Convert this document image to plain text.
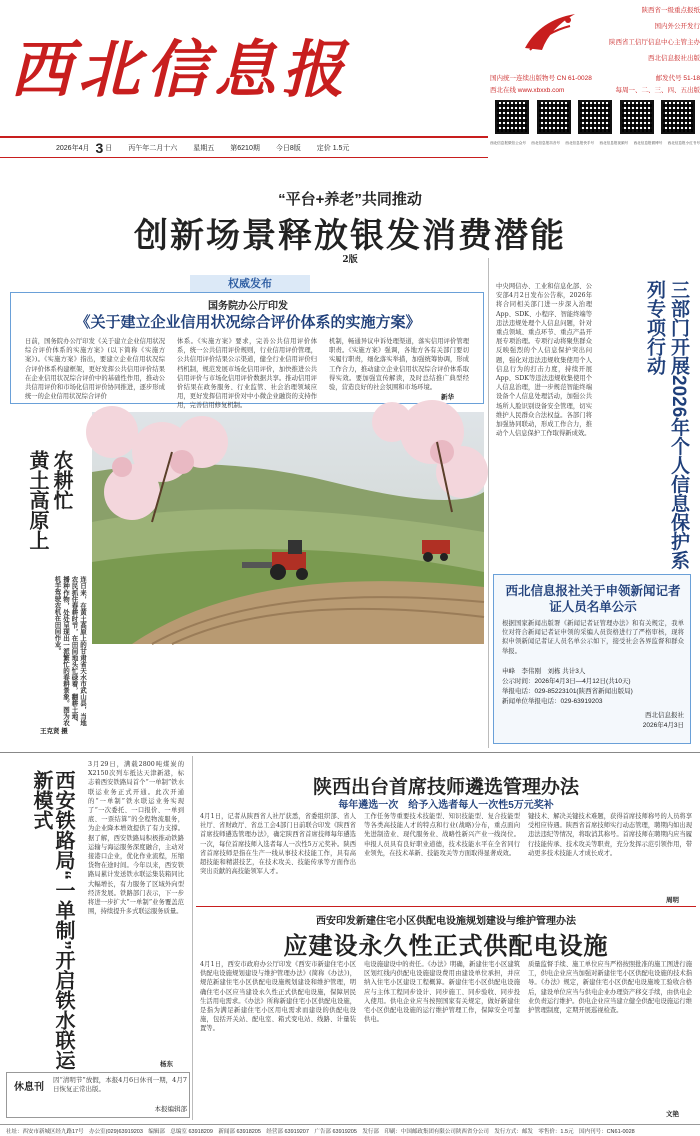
西北信息报
陕西省一级重点报纸
国内外公开发行
陕西省工信厅信息中心主管主办
西北信息报社出版
国内统一连续出版物号 CN 61-0028	邮发代号 51-18
西北在线 www.xbxxb.com	每周一、二、三、四、五出版
西北信息报微信公众号 西北信息报抖音号 西北信息报快手号 西北信息报视频号 西北信息报微博号 西北信息报小红书号
2026年4月 3 日 丙午年二月十六 星期五 第6210期 今日8版 定价 1.5元
“平台+养老”共同推动
创新场景释放银发消费潜能
2版
权威发布
国务院办公厅印发
《关于建立企业信用状况综合评价体系的实施方案》
日前，国务院办公厅印发《关于建立企业信用状况综合评价体系的实施方案》(以下简称《实施方案》)。《实施方案》指出，要建立企业信用状况综合评价体系构建框架，更好发挥公共信用评价结果在企业信用状况综合评价中的基础性作用，推动公共信用评价和市场化信用评价协同推进，逐步形成统一的企业信用状况综合评价
体系。《实施方案》要求，完善公共信用评价体系，统一公共信用评价规则，行业信用评价管理，公共信用评价结果公示渠道，健全行业信用评价归档机制，规范发展市场化信用评价，加快推进公共信用评价与市场化信用评价数据共享。推动信用评价结果在政务服务、行业监管、社会治理领域应用，更好发挥信用评价对中小微企业融资的支持作用，完善信用修复机制。
机制，畅通异议申诉处理渠道，落实信用评价管理职责。《实施方案》强调，各地方各有关部门要切实履行职责，细化落实举措，加强统筹协调，形成工作合力，推动建立企业信用状况综合评价体系取得实效。要加强宣传解读，及时总结推广典型经验，营造良好的社会氛围和市场环境。
新华
农耕忙
黄土高原上
连日来，在黄土高原上的甘肃省天水市武山县，当地农民抓住春耕时节，在田间地头忙碌着，翻耕土地、播种作物，处处呈现出一派繁忙的春耕景象。图为农机手驾驶农机在田间作业。
王克贤 摄
三部门开展2026年个人信息保护系列专项行动
中央网信办、工业和信息化部、公安部4月2日发布公告称，2026年将合同相关部门进一步深入治理App、SDK、小程序、智能终端等违法违规处理个人信息问题，针对重点领域、重点环节、重点产品开展专项治理。专项行动将聚焦群众反映强烈的个人信息保护突出问题，强化对违法违规收集使用个人信息行为的打击力度，持续开展App、SDK等违法违规收集使用个人信息治理，进一步规范智能终端设备个人信息处理活动，加强公共场所人脸识别设备安全管理，切实维护人民群众合法权益。各部门将加强协同联动，形成工作合力，推动个人信息保护工作取得新成效。
西北信息报社关于申领新闻记者证人员名单公示
根据国家新闻出版署《新闻记者证管理办法》和有关规定，我单位对符合新闻记者证申领的采编人员资格进行了严格审核，现将拟申领新闻记者证人员名单公示如下，接受社会各界监督和群众举报。
申峰　李伟刚　刘栋 共计3人
公示时间：2026年4月3日—4月12日(共10天)
举报电话：029-85223101(陕西省新闻出版局)
新闻单位举报电话：029-63919203
西北信息报社
2026年4月3日
西安铁路局“一单制”开启铁水联运新模式
3月29日，满载2800吨煤炭的X2150次列车抵达天津新港，标志着西安铁路局首个“一单制”铁水联运业务正式开通。此次开通的“一单制”铁水联运业务实现了“一次委托、一口报价、一单到底、一票结算”的全程物流服务，为企业降本增效提供了有力支撑。据了解，西安铁路局积极推动铁路运输与海运服务深度融合，主动对接港口企业，优化作业流程，压缩货物在途时间。今年以来，西安铁路局累计发送铁水联运集装箱同比大幅增长，有力服务了区域外向型经济发展。铁路部门表示，下一步将进一步扩大“一单制”业务覆盖范围，持续提升多式联运服务质量。
杨东
休息刊
因“清明节”放假，本报4月6日休刊一期，4月7日恢复正常出版。
本报编辑部
陕西出台首席技师遴选管理办法
每年遴选一次　给予入选者每人一次性5万元奖补
4月1日，记者从陕西省人社厅获悉，省委组织部、省人社厅、省财政厅、省总工会4部门日前联合印发《陕西省首席技师遴选管理办法》，确定陕西省首席技师每年遴选一次，每位首席技师入选者每人一次性5万元奖补。陕西省首席技师是指在生产一线从事技术技能工作，具有高超技能和精湛技艺，在技术攻关、技能传承等方面作出突出贡献的高技能领军人才。
工作任务等重要技术技能型、知识技能型、复合技能型等各类高技能人才的特点和行业(战略)分布，重点面向先进制造业、现代服务业、战略性新兴产业一线岗位。申报人员具有良好职业道德，技术技能水平在全省同行业领先，在技术革新、技能攻关等方面取得显著成效。
键技术、解决关键技术难题，获得首席技师称号的人员将享受相应待遇。陕西省首席技师实行动态管理，聘期内如出现违法违纪等情况，将取消其称号。首席技师在聘期内应当履行技能传承、技术攻关等职责，充分发挥示范引领作用，带动更多技术技能人才成长成才。
周明
西安印发新建住宅小区供配电设施规划建设与维护管理办法
应建设永久性正式供配电设施
4月1日，西安市政府办公厅印发《西安市新建住宅小区供配电设施规划建设与维护管理办法》(简称《办法》)，规范新建住宅小区供配电设施规划建设和维护管理，明确住宅小区应当建设永久性正式供配电设施，保障居民生活用电需求。《办法》所称新建住宅小区供配电设施，是指为满足新建住宅小区用电需求而建设的供配电设施，包括开关站、配电室、箱式变电站、线路、计量装置等。
电设施建设中的责任。《办法》明确，新建住宅小区建筑区划红线内供配电设施建设费用由建设单位承担，并应纳入住宅小区建设工程概算。新建住宅小区供配电设施应与主体工程同步设计、同步施工、同步验收、同步投入使用。供电企业应当按照国家有关规定，做好新建住宅小区供配电设施的运行维护管理工作，保障安全可靠供电。
质量监督手续、施工单位应当严格按照批准的施工图进行施工，供电企业应当加强对新建住宅小区供配电设施的技术指导。《办法》规定，新建住宅小区供配电设施竣工验收合格后，建设单位应当与供电企业办理资产移交手续，由供电企业负责运行维护。供电企业应当建立健全供配电设施运行维护管理制度，定期开展巡视检查。
文艳
社址：西安市新城区经九路17号　办公室(029)63919203　编辑部　总编室 63918209　新闻部 63918205　经营部 63919207　广告部 63919205　发行部　印刷：中国邮政集团有限公司陕西省分公司　发行方式：邮发　零售价：1.5元　国内刊号：CN61-0028
